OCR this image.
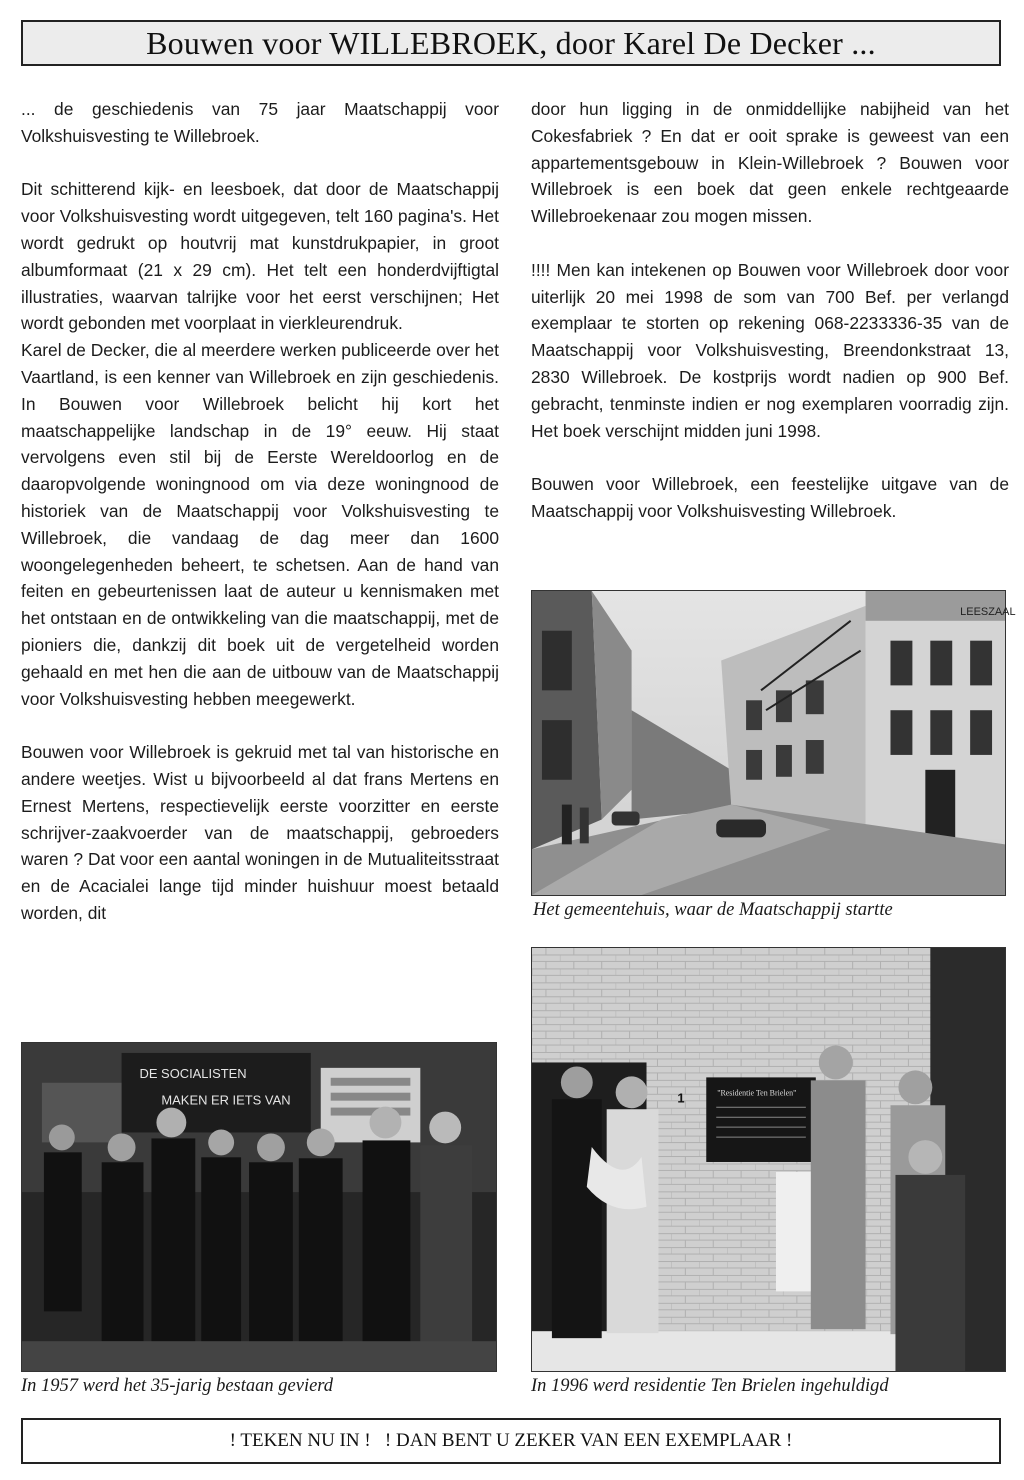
Bouwen voor WILLEBROEK, door Karel De Decker ...

... de geschiedenis van 75 jaar Maatschappij voor Volkshuisvesting te Willebroek.

Dit schitterend kijk- en leesboek, dat door de Maatschappij voor Volkshuisvesting wordt uitgegeven, telt 160 pagina's. Het wordt gedrukt op houtvrij mat kunstdrukpapier, in groot albumformaat (21 x 29 cm). Het telt een honderdvijftigtal illustraties, waarvan talrijke voor het eerst verschijnen; Het wordt gebonden met voorplaat in vierkleurendruk.

Karel de Decker, die al meerdere werken publiceerde over het Vaartland, is een kenner van Willebroek en zijn geschiedenis. In Bouwen voor Willebroek belicht hij kort het maatschappelijke landschap in de 19° eeuw. Hij staat vervolgens even stil bij de Eerste Wereldoorlog en de daaropvolgende woningnood om via deze woningnood de historiek van de Maatschappij voor Volkshuisvesting te Willebroek, die vandaag de dag meer dan 1600 woongelegenheden beheert, te schetsen. Aan de hand van feiten en gebeurtenissen laat de auteur u kennismaken met het ontstaan en de ontwikkeling van die maatschappij, met de pioniers die, dankzij dit boek uit de vergetelheid worden gehaald en met hen die aan de uitbouw van de Maatschappij voor Volkshuisvesting hebben meegewerkt.

Bouwen voor Willebroek is gekruid met tal van historische en andere weetjes. Wist u bijvoorbeeld al dat frans Mertens en Ernest Mertens, respectievelijk eerste voorzitter en eerste schrijver-zaakvoerder van de maatschappij, gebroeders waren ? Dat voor een aantal woningen in de Mutualiteitsstraat en de Acacialei lange tijd minder huishuur moest betaald worden, dit

door hun ligging in de onmiddellijke nabijheid van het Cokesfabriek ? En dat er ooit sprake is geweest van een appartementsgebouw in Klein-Willebroek ? Bouwen voor Willebroek is een boek dat geen enkele rechtgeaarde Willebroekenaar zou mogen missen.

!!!! Men kan intekenen op Bouwen voor Willebroek door voor uiterlijk 20 mei 1998 de som van 700 Bef. per verlangd exemplaar te storten op rekening 068-2233336-35 van de Maatschappij voor Volkshuisvesting, Breendonkstraat 13, 2830 Willebroek. De kostprijs wordt nadien op 900 Bef. gebracht, tenminste indien er nog exemplaren voorradig zijn. Het boek verschijnt midden juni 1998.

Bouwen voor Willebroek, een feestelijke uitgave van de Maatschappij voor Volkshuisvesting Willebroek.

LEESZAAL
Het gemeentehuis, waar de Maatschappij startte
DE SOCIALISTEN
MAKEN ER IETS VAN
In 1957 werd het 35-jarig bestaan gevierd
"Residentie Ten Brielen"
1
In 1996 werd residentie Ten Brielen ingehuldigd
! TEKEN NU IN !   ! DAN BENT U ZEKER VAN EEN EXEMPLAAR !
